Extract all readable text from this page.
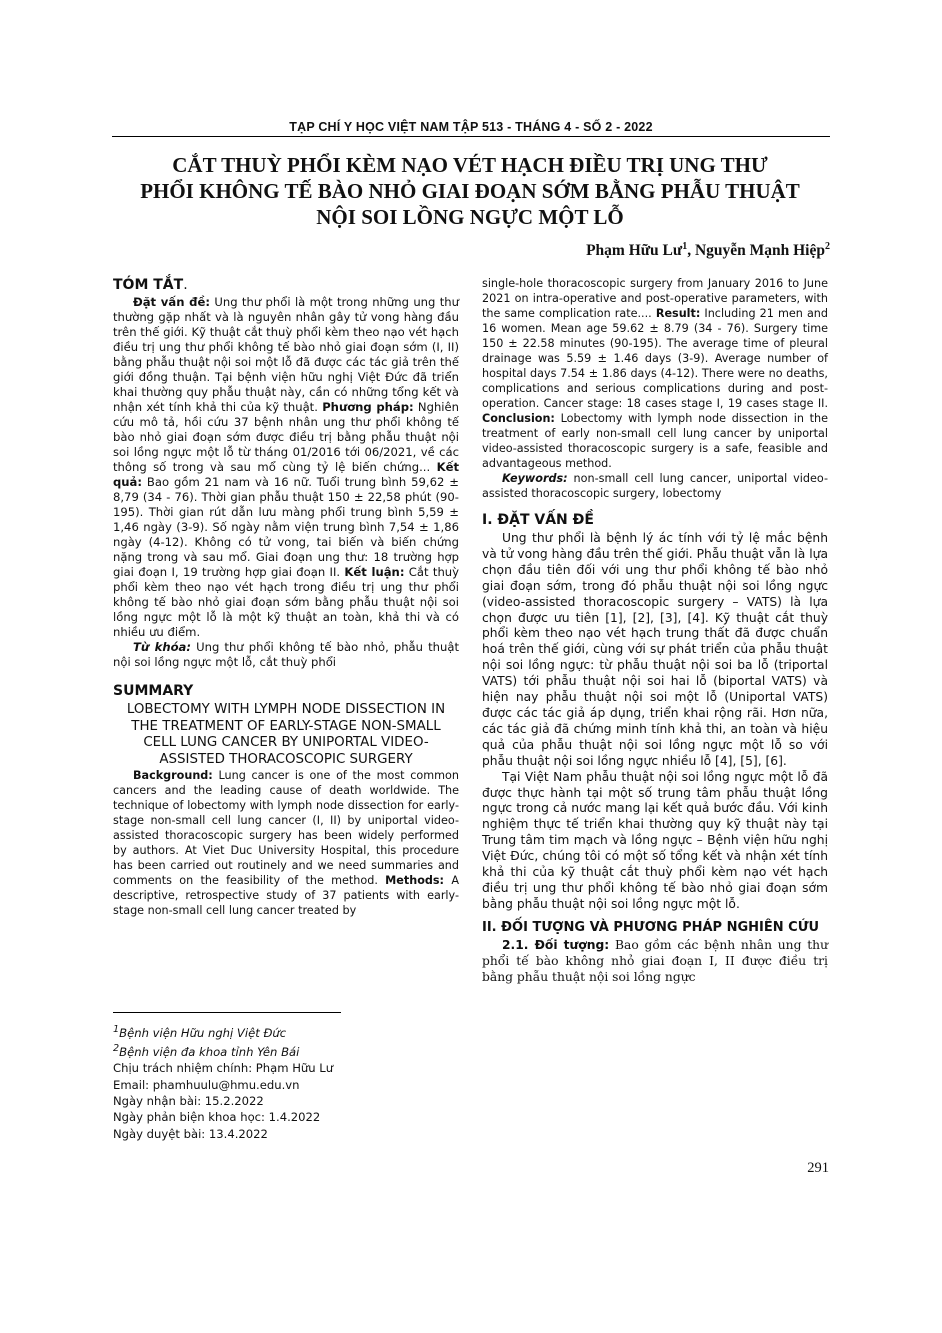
TẠP CHÍ Y HỌC VIỆT NAM TẬP 513 - THÁNG 4 - SỐ 2 - 2022
CẮT THUỲ PHỔI KÈM NẠO VÉT HẠCH ĐIỀU TRỊ UNG THƯ
PHỔI KHÔNG TẾ BÀO NHỎ GIAI ĐOẠN SỚM BẰNG PHẪU THUẬT
NỘI SOI LỒNG NGỰC MỘT LỖ
Phạm Hữu $Lư^1$, Nguyễn Mạnh Hiệp$^2$

TÓM TẮT.

Đặt vấn đề: Ung thư phổi là một trong những ung thư thường gặp nhất và là nguyên nhân gây tử vong hàng đầu trên thế giới. Kỹ thuật cắt thuỳ phổi kèm theo nạo vét hạch điều trị ung thư phổi không tế bào nhỏ giai đoạn sớm (I, II) bằng phẫu thuật nội soi một lỗ đã được các tác giả trên thế giới đồng thuận. Tại bệnh viện hữu nghị Việt Đức đã triển khai thường quy phẫu thuật này, cần có những tổng kết và nhận xét tính khả thi của kỹ thuật. Phương pháp: Nghiên cứu mô tả, hồi cứu 37 bệnh nhân ung thư phổi không tế bào nhỏ giai đoạn sớm được điều trị bằng phẫu thuật nội soi lồng ngực một lỗ từ tháng 01/2016 tới 06/2021, về các thông số trong và sau mổ cùng tỷ lệ biến chứng... Kết quả: Bao gồm 21 nam và 16 nữ. Tuổi trung bình 59,62 ± 8,79 (34 - 76). Thời gian phẫu thuật 150 ± 22,58 phút (90-195). Thời gian rút dẫn lưu màng phổi trung bình 5,59 ± 1,46 ngày (3-9). Số ngày nằm viện trung bình 7,54 ± 1,86 ngày (4-12). Không có tử vong, tai biến và biến chứng nặng trong và sau mổ. Giai đoạn ung thư: 18 trường hợp giai đoạn I, 19 trường hợp giai đoạn II. Kết luận: Cắt thuỳ phổi kèm theo nạo vét hạch trong điều trị ung thư phổi không tế bào nhỏ giai đoạn sớm bằng phẫu thuật nội soi lồng ngực một lỗ là một kỹ thuật an toàn, khả thi và có nhiều ưu điểm.

Từ khóa: Ung thư phổi không tế bào nhỏ, phẫu thuật nội soi lồng ngực một lỗ, cắt thuỳ phổi

SUMMARY

LOBECTOMY WITH LYMPH NODE DISSECTION IN THE TREATMENT OF EARLY-STAGE NON-SMALL CELL LUNG CANCER BY UNIPORTAL VIDEO-ASSISTED THORACOSCOPIC SURGERY

Background: Lung cancer is one of the most common cancers and the leading cause of death worldwide. The technique of lobectomy with lymph node dissection for early-stage non-small cell lung cancer (I, II) by uniportal video-assisted thoracoscopic surgery has been widely performed by authors. At Viet Duc University Hospital, this procedure has been carried out routinely and we need summaries and comments on the feasibility of the method. Methods: A descriptive, retrospective study of 37 patients with early-stage non-small cell lung cancer treated by

$^1$Bệnh viện Hữu nghị Việt Đức
$^2$Bệnh viện đa khoa tỉnh Yên Bái
Chịu trách nhiệm chính: Phạm Hữu Lư
Email: phamhuulu@hmu.edu.vn
Ngày nhận bài: 15.2.2022
Ngày phản biện khoa học: 1.4.2022
Ngày duyệt bài: 13.4.2022

single-hole thoracoscopic surgery from January 2016 to June 2021 on intra-operative and post-operative parameters, with the same complication rate.... Result: Including 21 men and 16 women. Mean age 59.62 ± 8.79 (34 - 76). Surgery time 150 ± 22.58 minutes (90-195). The average time of pleural drainage was 5.59 ± 1.46 days (3-9). Average number of hospital days 7.54 ± 1.86 days (4-12). There were no deaths, complications and serious complications during and post-operation. Cancer stage: 18 cases stage I, 19 cases stage II. Conclusion: Lobectomy with lymph node dissection in the treatment of early non-small cell lung cancer by uniportal video-assisted thoracoscopic surgery is a safe, feasible and advantageous method.

Keywords: non-small cell lung cancer, uniportal video-assisted thoracoscopic surgery, lobectomy

I. ĐẶT VẤN ĐỀ

Ung thư phổi là bệnh lý ác tính với tỷ lệ mắc bệnh và tử vong hàng đầu trên thế giới. Phẫu thuật vẫn là lựa chọn đầu tiên đối với ung thư phổi không tế bào nhỏ giai đoạn sớm, trong đó phẫu thuật nội soi lồng ngực (video-assisted thoracoscopic surgery – VATS) là lựa chọn được ưu tiên [1], [2], [3], [4]. Kỹ thuật cắt thuỳ phổi kèm theo nạo vét hạch trung thất đã được chuẩn hoá trên thế giới, cùng với sự phát triển của phẫu thuật nội soi lồng ngực: từ phẫu thuật nội soi ba lỗ (triportal VATS) tới phẫu thuật nội soi hai lỗ (biportal VATS) và hiện nay phẫu thuật nội soi một lỗ (Uniportal VATS) được các tác giả áp dụng, triển khai rộng rãi. Hơn nữa, các tác giả đã chứng minh tính khả thi, an toàn và hiệu quả của phẫu thuật nội soi lồng ngực một lỗ so với phẫu thuật nội soi lồng ngực nhiều lỗ [4], [5], [6].

Tại Việt Nam phẫu thuật nội soi lồng ngực một lỗ đã được thực hành tại một số trung tâm phẫu thuật lồng ngực trong cả nước mang lại kết quả bước đầu. Với kinh nghiệm thực tế triển khai thường quy kỹ thuật này tại Trung tâm tim mạch và lồng ngực – Bệnh viện hữu nghị Việt Đức, chúng tôi có một số tổng kết và nhận xét tính khả thi của kỹ thuật cắt thuỳ phổi kèm nạo vét hạch điều trị ung thư phổi không tế bào nhỏ giai đoạn sớm bằng phẫu thuật nội soi lồng ngực một lỗ.

II. ĐỐI TƯỢNG VÀ PHƯƠNG PHÁP NGHIÊN CỨU

2.1. Đối tượng: Bao gồm các bệnh nhân ung thư phổi tế bào không nhỏ giai đoạn I, II được điều trị bằng phẫu thuật nội soi lồng ngực

291
